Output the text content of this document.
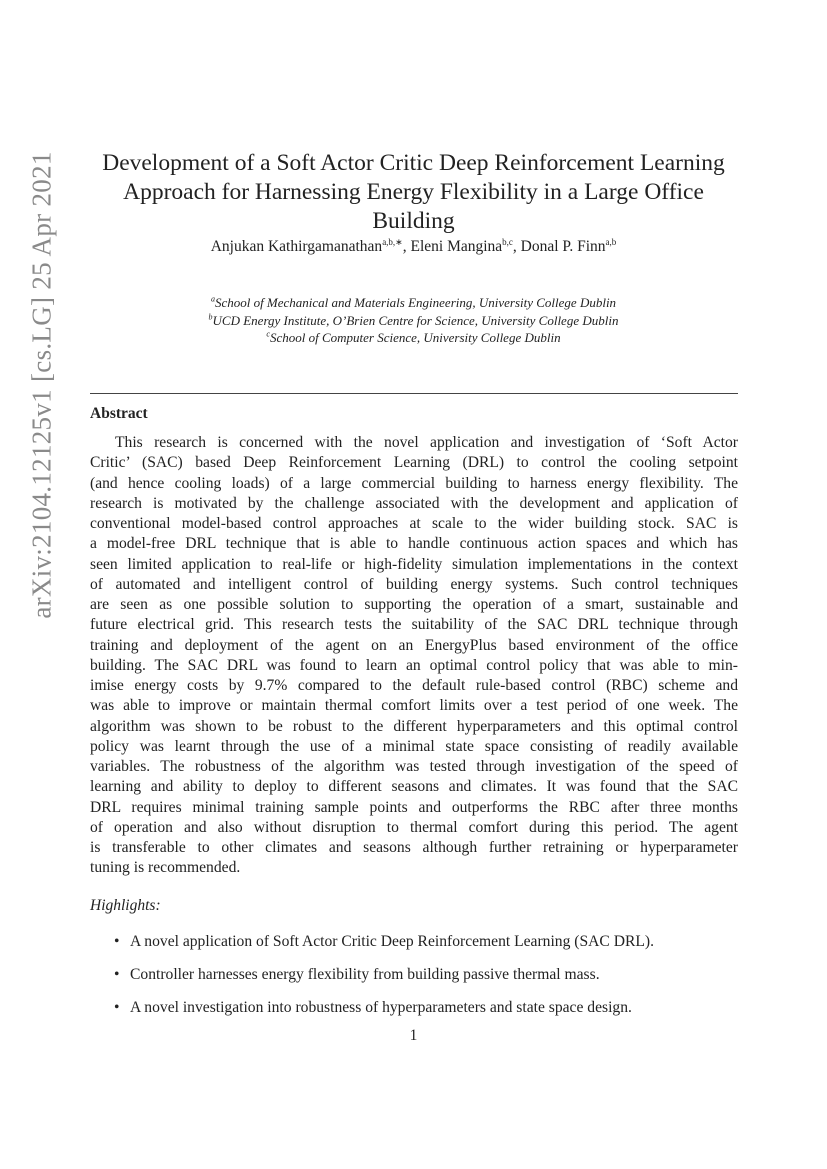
arXiv:2104.12125v1 [cs.LG] 25 Apr 2021	Development of a Soft Actor Critic Deep Reinforcement Learning
Approach for Harnessing Energy Flexibility in a Large Office
Building
Anjukan Kathirgamanathan$^{a,b,∗}$, Eleni Mangina$^{b,c}$, Donal P. Finn$^{a,b}$
$^a$School of Mechanical and Materials Engineering, University College Dublin
$^b$UCD Energy Institute, O’Brien Centre for Science, University College Dublin
$^c$School of Computer Science, University College Dublin
Abstract
This research is concerned with the novel application and investigation of ‘Soft Actor
Critic’ (SAC) based Deep Reinforcement Learning (DRL) to control the cooling setpoint
(and hence cooling loads) of a large commercial building to harness energy flexibility. The
research is motivated by the challenge associated with the development and application of
conventional model-based control approaches at scale to the wider building stock. SAC is
a model-free DRL technique that is able to handle continuous action spaces and which has
seen limited application to real-life or high-fidelity simulation implementations in the context
of automated and intelligent control of building energy systems. Such control techniques
are seen as one possible solution to supporting the operation of a smart, sustainable and
future electrical grid. This research tests the suitability of the SAC DRL technique through
training and deployment of the agent on an EnergyPlus based environment of the office
building. The SAC DRL was found to learn an optimal control policy that was able to min-
imise energy costs by 9.7% compared to the default rule-based control (RBC) scheme and
was able to improve or maintain thermal comfort limits over a test period of one week. The
algorithm was shown to be robust to the different hyperparameters and this optimal control
policy was learnt through the use of a minimal state space consisting of readily available
variables. The robustness of the algorithm was tested through investigation of the speed of
learning and ability to deploy to different seasons and climates. It was found that the SAC
DRL requires minimal training sample points and outperforms the RBC after three months
of operation and also without disruption to thermal comfort during this period. The agent
is transferable to other climates and seasons although further retraining or hyperparameter
tuning is recommended.
Highlights:
• A novel application of Soft Actor Critic Deep Reinforcement Learning (SAC DRL).
• Controller harnesses energy flexibility from building passive thermal mass.
• A novel investigation into robustness of hyperparameters and state space design.
1
